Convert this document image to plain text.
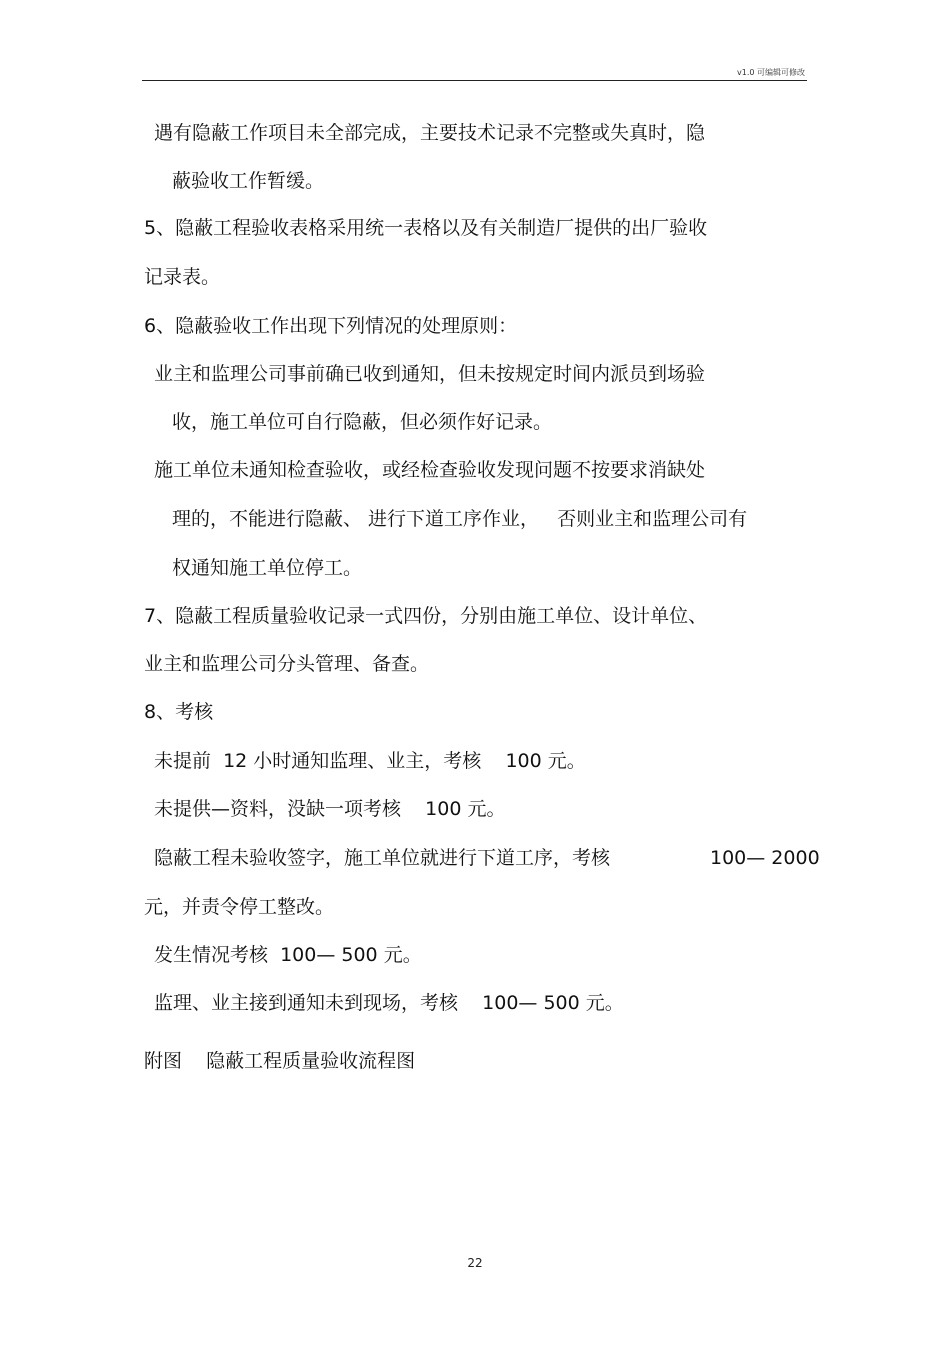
v1.0 可编辑可修改
遇有隐蔽工作项目未全部完成，主要技术记录不完整或失真时，隐
蔽验收工作暂缓。
5、隐蔽工程验收表格采用统一表格以及有关制造厂提供的出厂验收
记录表。
6、隐蔽验收工作出现下列情况的处理原则：
业主和监理公司事前确已收到通知，但未按规定时间内派员到场验
收，施工单位可自行隐蔽，但必须作好记录。
施工单位未通知检查验收，或经检查验收发现问题不按要求消缺处
理的，不能进行隐蔽、 进行下道工序作业，   否则业主和监理公司有
权通知施工单位停工。
7、隐蔽工程质量验收记录一式四份，分别由施工单位、设计单位、
业主和监理公司分头管理、备查。
8、考核
未提前  12 小时通知监理、业主，考核    100 元。
未提供—资料，没缺一项考核    100 元。
隐蔽工程未验收签字，施工单位就进行下道工序，考核	100— 2000
元，并责令停工整改。
发生情况考核  100— 500 元。
监理、业主接到通知未到现场，考核    100— 500 元。
附图    隐蔽工程质量验收流程图
22
